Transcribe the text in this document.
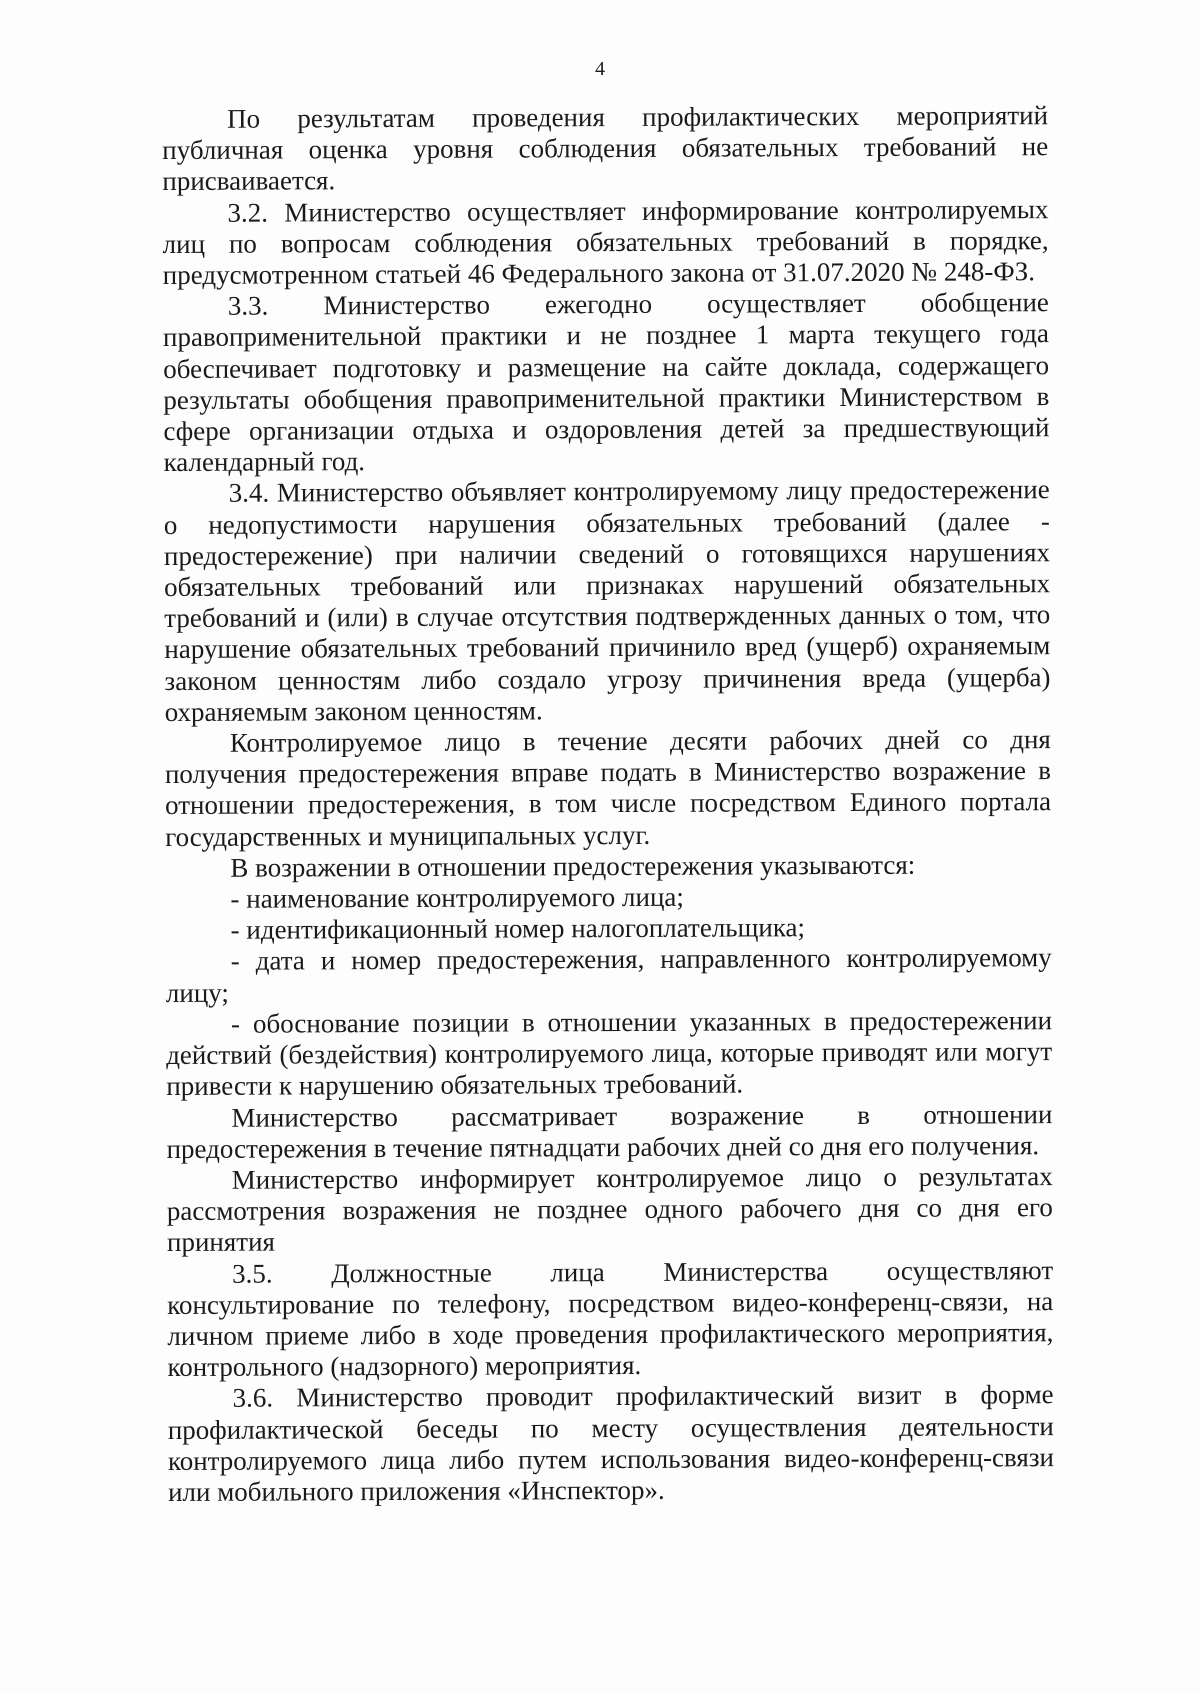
4

По результатам проведения профилактических мероприятий публичная оценка уровня соблюдения обязательных требований не присваивается.

3.2. Министерство осуществляет информирование контролируемых лиц по вопросам соблюдения обязательных требований в порядке, предусмотренном статьей 46 Федерального закона от 31.07.2020 № 248-ФЗ.

3.3. Министерство ежегодно осуществляет обобщение правоприменительной практики и не позднее 1 марта текущего года обеспечивает подготовку и размещение на сайте доклада, содержащего результаты обобщения правоприменительной практики Министерством в сфере организации отдыха и оздоровления детей за предшествующий календарный год.

3.4. Министерство объявляет контролируемому лицу предостережение о недопустимости нарушения обязательных требований (далее - предостережение) при наличии сведений о готовящихся нарушениях обязательных требований или признаках нарушений обязательных требований и (или) в случае отсутствия подтвержденных данных о том, что нарушение обязательных требований причинило вред (ущерб) охраняемым законом ценностям либо создало угрозу причинения вреда (ущерба) охраняемым законом ценностям.

Контролируемое лицо в течение десяти рабочих дней со дня получения предостережения вправе подать в Министерство возражение в отношении предостережения, в том числе посредством Единого портала государственных и муниципальных услуг.

В возражении в отношении предостережения указываются:

- наименование контролируемого лица;

- идентификационный номер налогоплательщика;

- дата и номер предостережения, направленного контролируемому лицу;

- обоснование позиции в отношении указанных в предостережении действий (бездействия) контролируемого лица, которые приводят или могут привести к нарушению обязательных требований.

Министерство рассматривает возражение в отношении предостережения в течение пятнадцати рабочих дней со дня его получения.

Министерство информирует контролируемое лицо о результатах рассмотрения возражения не позднее одного рабочего дня со дня его принятия

3.5. Должностные лица Министерства осуществляют консультирование по телефону, посредством видео-конференц-связи, на личном приеме либо в ходе проведения профилактического мероприятия, контрольного (надзорного) мероприятия.

3.6. Министерство проводит профилактический визит в форме профилактической беседы по месту осуществления деятельности контролируемого лица либо путем использования видео-конференц-связи или мобильного приложения «Инспектор».
